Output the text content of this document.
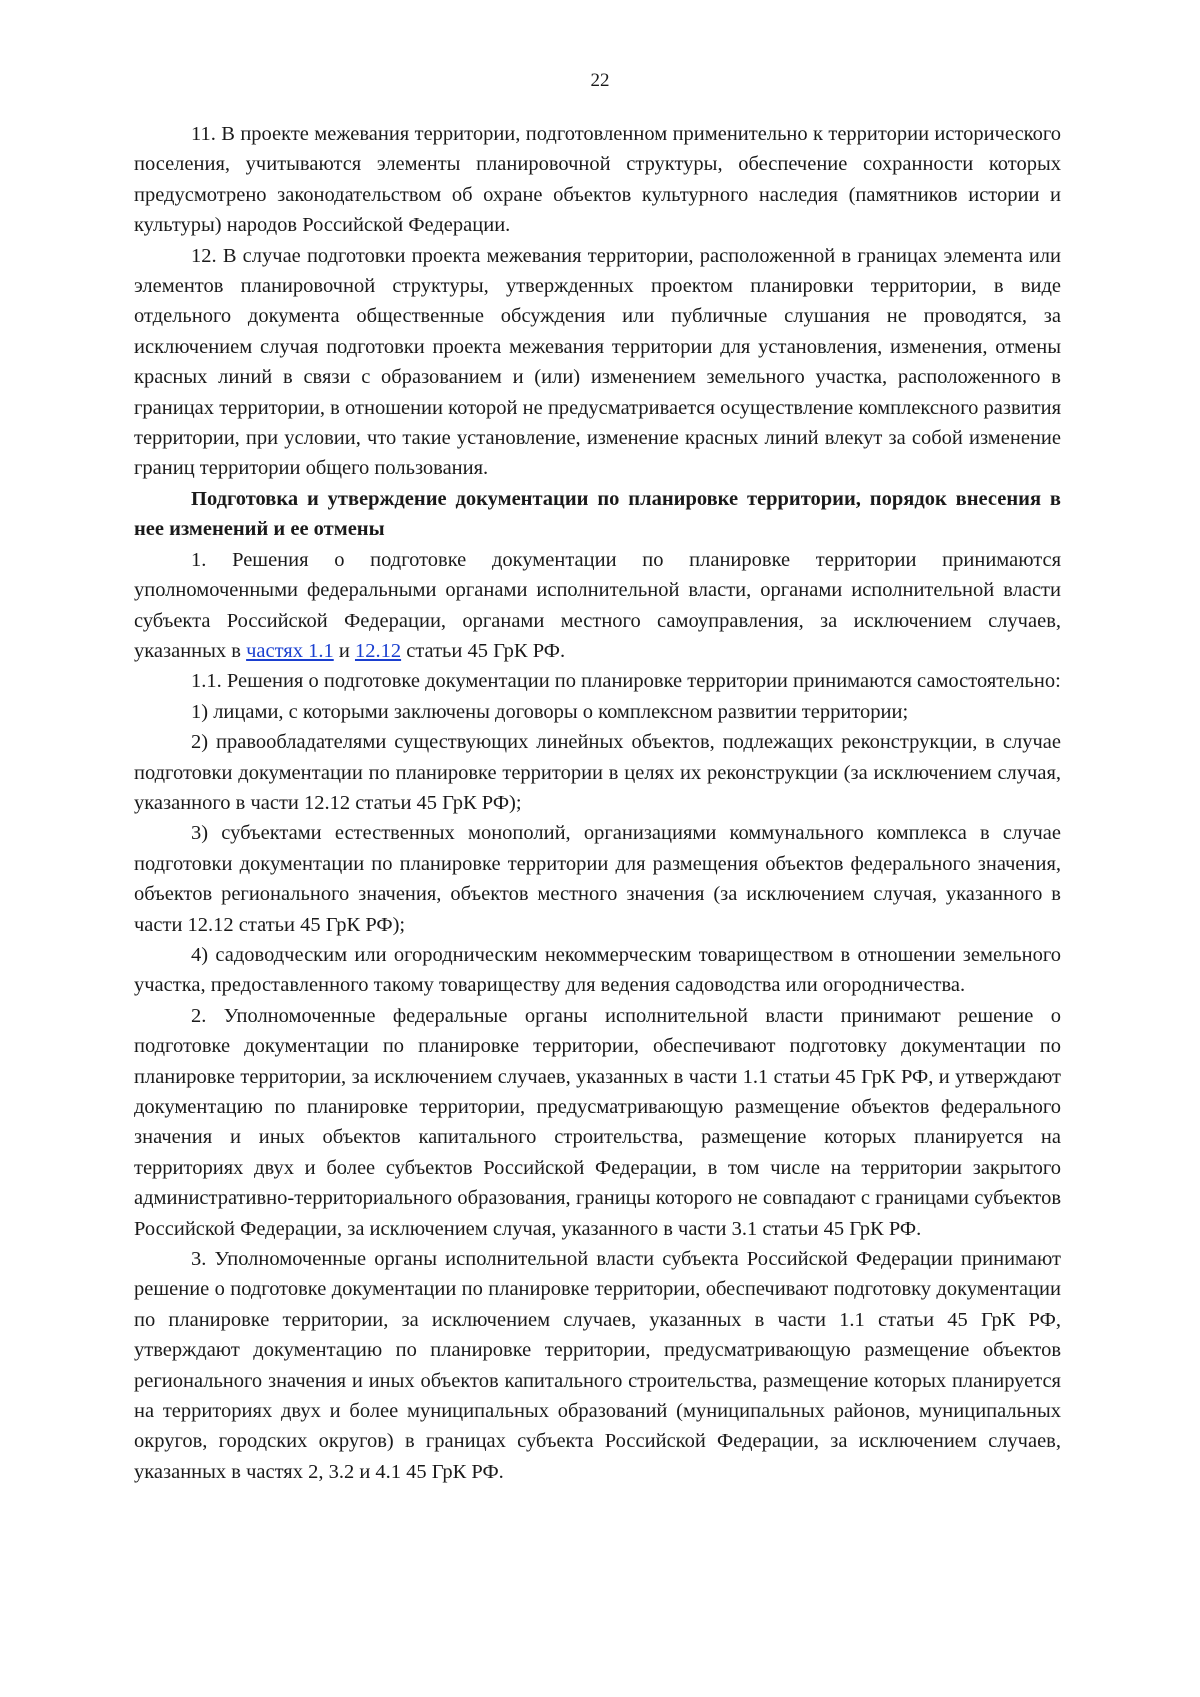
22

11. В проекте межевания территории, подготовленном применительно к территории исторического поселения, учитываются элементы планировочной структуры, обеспечение сохранности которых предусмотрено законодательством об охране объектов культурного наследия (памятников истории и культуры) народов Российской Федерации.

12. В случае подготовки проекта межевания территории, расположенной в границах элемента или элементов планировочной структуры, утвержденных проектом планировки территории, в виде отдельного документа общественные обсуждения или публичные слушания не проводятся, за исключением случая подготовки проекта межевания территории для установления, изменения, отмены красных линий в связи с образованием и (или) изменением земельного участка, расположенного в границах территории, в отношении которой не предусматривается осуществление комплексного развития территории, при условии, что такие установление, изменение красных линий влекут за собой изменение границ территории общего пользования.

Подготовка и утверждение документации по планировке территории, порядок внесения в нее изменений и ее отмены

1. Решения о подготовке документации по планировке территории принимаются уполномоченными федеральными органами исполнительной власти, органами исполнительной власти субъекта Российской Федерации, органами местного самоуправления, за исключением случаев, указанных в частях 1.1 и 12.12 статьи 45 ГрК РФ.

1.1. Решения о подготовке документации по планировке территории принимаются самостоятельно:

1) лицами, с которыми заключены договоры о комплексном развитии территории;

2) правообладателями существующих линейных объектов, подлежащих реконструкции, в случае подготовки документации по планировке территории в целях их реконструкции (за исключением случая, указанного в части 12.12 статьи 45 ГрК РФ);

3) субъектами естественных монополий, организациями коммунального комплекса в случае подготовки документации по планировке территории для размещения объектов федерального значения, объектов регионального значения, объектов местного значения (за исключением случая, указанного в части 12.12 статьи 45 ГрК РФ);

4) садоводческим или огородническим некоммерческим товариществом в отношении земельного участка, предоставленного такому товариществу для ведения садоводства или огородничества.

2. Уполномоченные федеральные органы исполнительной власти принимают решение о подготовке документации по планировке территории, обеспечивают подготовку документации по планировке территории, за исключением случаев, указанных в части 1.1 статьи 45 ГрК РФ, и утверждают документацию по планировке территории, предусматривающую размещение объектов федерального значения и иных объектов капитального строительства, размещение которых планируется на территориях двух и более субъектов Российской Федерации, в том числе на территории закрытого административно-территориального образования, границы которого не совпадают с границами субъектов Российской Федерации, за исключением случая, указанного в части 3.1 статьи 45 ГрК РФ.

3. Уполномоченные органы исполнительной власти субъекта Российской Федерации принимают решение о подготовке документации по планировке территории, обеспечивают подготовку документации по планировке территории, за исключением случаев, указанных в части 1.1 статьи 45 ГрК РФ, утверждают документацию по планировке территории, предусматривающую размещение объектов регионального значения и иных объектов капитального строительства, размещение которых планируется на территориях двух и более муниципальных образований (муниципальных районов, муниципальных округов, городских округов) в границах субъекта Российской Федерации, за исключением случаев, указанных в частях 2, 3.2 и 4.1 45 ГрК РФ.
